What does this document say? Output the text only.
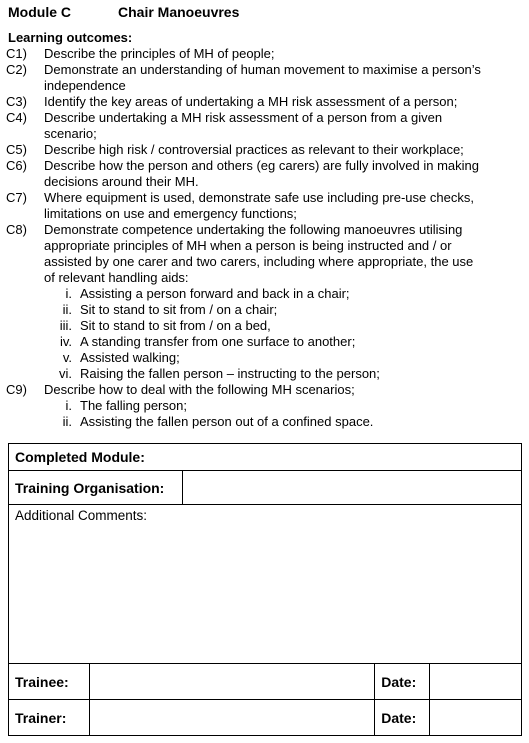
Module C	Chair Manoeuvres
Learning outcomes:
C1) Describe the principles of MH of people;
C2) Demonstrate an understanding of human movement to maximise a person’s
independence
C3) Identify the key areas of undertaking a MH risk assessment of a person;
C4) Describe undertaking a MH risk assessment of a person from a given
scenario;
C5) Describe high risk / controversial practices as relevant to their workplace;
C6) Describe how the person and others (eg carers) are fully involved in making
decisions around their MH.
C7) Where equipment is used, demonstrate safe use including pre-use checks,
limitations on use and emergency functions;
C8) Demonstrate competence undertaking the following manoeuvres utilising
appropriate principles of MH when a person is being instructed and / or
assisted by one carer and two carers, including where appropriate, the use
of relevant handling aids:
i. Assisting a person forward and back in a chair;
ii. Sit to stand to sit from / on a chair;
iii. Sit to stand to sit from / on a bed,
iv. A standing transfer from one surface to another;
v. Assisted walking;
vi. Raising the fallen person – instructing to the person;
C9) Describe how to deal with the following MH scenarios;
i. The falling person;
ii. Assisting the fallen person out of a confined space.
Completed Module:				
Training Organisation:				
Additional Comments:				
Trainee:			Date:	
Trainer:			Date:	
